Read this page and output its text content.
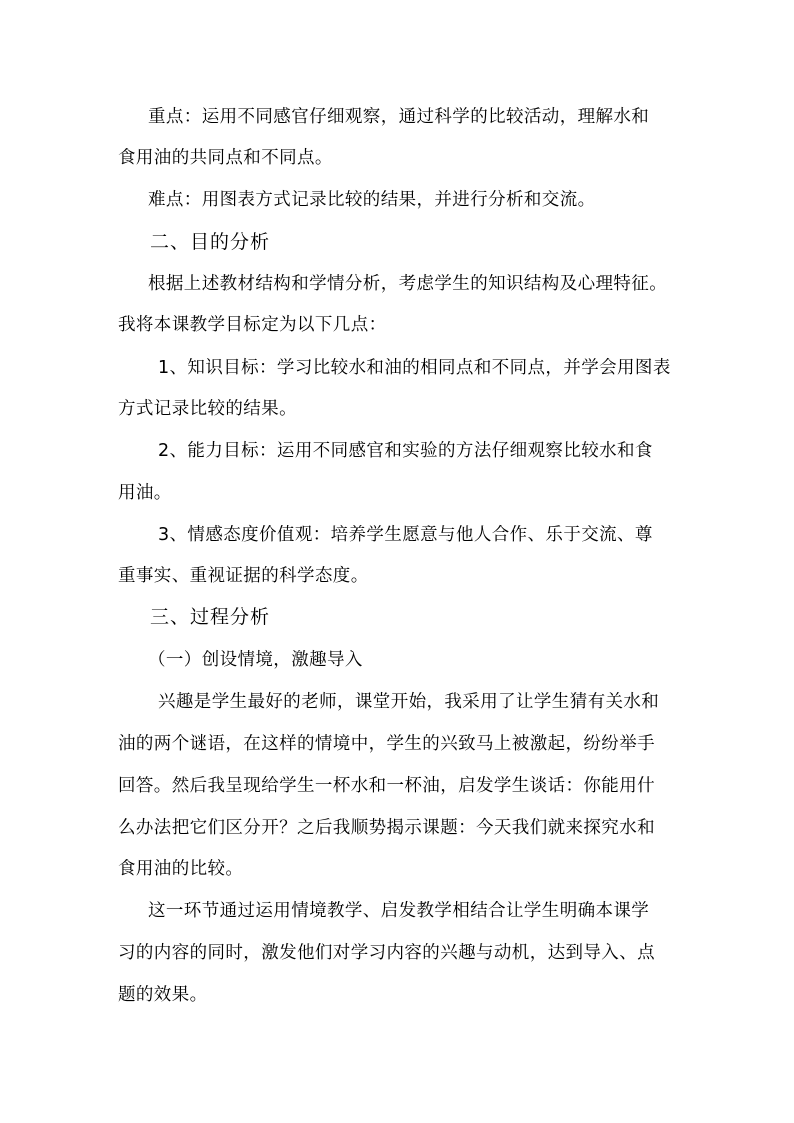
重点：运用不同感官仔细观察，通过科学的比较活动，理解水和
食用油的共同点和不同点。
难点：用图表方式记录比较的结果，并进行分析和交流。
二、目的分析
根据上述教材结构和学情分析，考虑学生的知识结构及心理特征。
我将本课教学目标定为以下几点：
1、知识目标：学习比较水和油的相同点和不同点，并学会用图表
方式记录比较的结果。
2、能力目标：运用不同感官和实验的方法仔细观察比较水和食
用油。
3、情感态度价值观：培养学生愿意与他人合作、乐于交流、尊
重事实、重视证据的科学态度。
三、过程分析
（一）创设情境，激趣导入
兴趣是学生最好的老师，课堂开始，我采用了让学生猜有关水和
油的两个谜语，在这样的情境中，学生的兴致马上被激起，纷纷举手
回答。然后我呈现给学生一杯水和一杯油，启发学生谈话：你能用什
么办法把它们区分开？之后我顺势揭示课题：今天我们就来探究水和
食用油的比较。
这一环节通过运用情境教学、启发教学相结合让学生明确本课学
习的内容的同时，激发他们对学习内容的兴趣与动机，达到导入、点
题的效果。
